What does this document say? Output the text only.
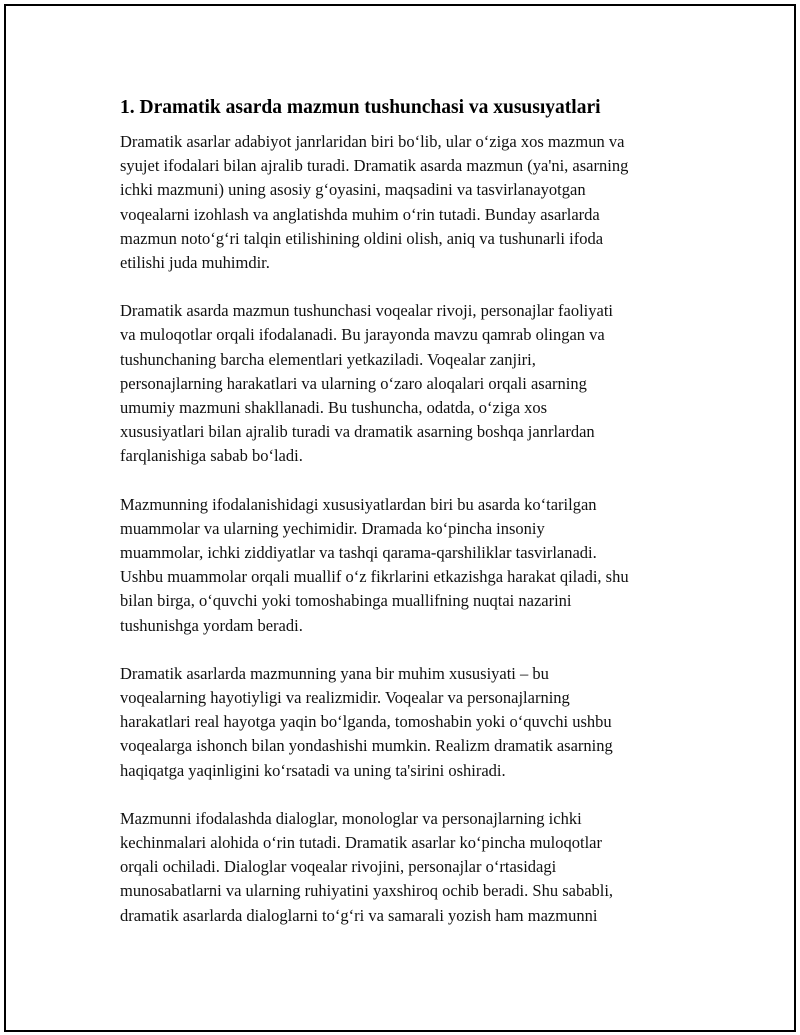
1. Dramatik asarda mazmun tushunchasi va xususıyatlari

Dramatik asarlar adabiyot janrlaridan biri bo‘lib, ular o‘ziga xos mazmun va
syujet ifodalari bilan ajralib turadi. Dramatik asarda mazmun (ya'ni, asarning
ichki mazmuni) uning asosiy g‘oyasini, maqsadini va tasvirlanayotgan
voqealarni izohlash va anglatishda muhim o‘rin tutadi. Bunday asarlarda
mazmun noto‘g‘ri talqin etilishining oldini olish, aniq va tushunarli ifoda
etilishi juda muhimdir.

Dramatik asarda mazmun tushunchasi voqealar rivoji, personajlar faoliyati
va muloqotlar orqali ifodalanadi. Bu jarayonda mavzu qamrab olingan va
tushunchaning barcha elementlari yetkaziladi. Voqealar zanjiri,
personajlarning harakatlari va ularning o‘zaro aloqalari orqali asarning
umumiy mazmuni shakllanadi. Bu tushuncha, odatda, o‘ziga xos
xususiyatlari bilan ajralib turadi va dramatik asarning boshqa janrlardan
farqlanishiga sabab bo‘ladi.

Mazmunning ifodalanishidagi xususiyatlardan biri bu asarda ko‘tarilgan
muammolar va ularning yechimidir. Dramada ko‘pincha insoniy
muammolar, ichki ziddiyatlar va tashqi qarama-qarshiliklar tasvirlanadi.
Ushbu muammolar orqali muallif o‘z fikrlarini etkazishga harakat qiladi, shu
bilan birga, o‘quvchi yoki tomoshabinga muallifning nuqtai nazarini
tushunishga yordam beradi.

Dramatik asarlarda mazmunning yana bir muhim xususiyati – bu
voqealarning hayotiyligi va realizmidir. Voqealar va personajlarning
harakatlari real hayotga yaqin bo‘lganda, tomoshabin yoki o‘quvchi ushbu
voqealarga ishonch bilan yondashishi mumkin. Realizm dramatik asarning
haqiqatga yaqinligini ko‘rsatadi va uning ta'sirini oshiradi.

Mazmunni ifodalashda dialoglar, monologlar va personajlarning ichki
kechinmalari alohida o‘rin tutadi. Dramatik asarlar ko‘pincha muloqotlar
orqali ochiladi. Dialoglar voqealar rivojini, personajlar o‘rtasidagi
munosabatlarni va ularning ruhiyatini yaxshiroq ochib beradi. Shu sababli,
dramatik asarlarda dialoglarni to‘g‘ri va samarali yozish ham mazmunni
